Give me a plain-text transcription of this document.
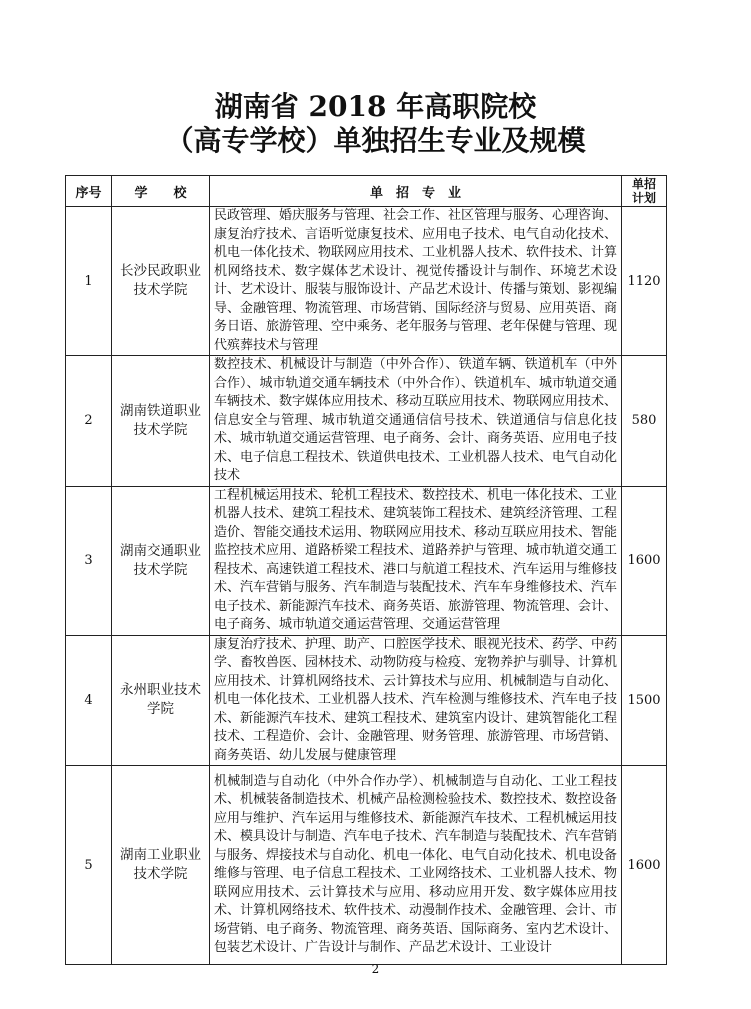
湖南省 2018 年高职院校
（高专学校）单独招生专业及规模
序号	学　　校	单　招　专　业	单招
计划

1	长沙民政职业技术学院	民政管理、婚庆服务与管理、社会工作、社区管理与服务、心理咨询、康复治疗技术、言语听觉康复技术、应用电子技术、电气自动化技术、机电一体化技术、物联网应用技术、工业机器人技术、软件技术、计算机网络技术、数字媒体艺术设计、视觉传播设计与制作、环境艺术设计、艺术设计、服装与服饰设计、产品艺术设计、传播与策划、影视编导、金融管理、物流管理、市场营销、国际经济与贸易、应用英语、商务日语、旅游管理、空中乘务、老年服务与管理、老年保健与管理、现代殡葬技术与管理	1120
2	湖南铁道职业技术学院	数控技术、机械设计与制造（中外合作）、铁道车辆、铁道机车（中外合作）、城市轨道交通车辆技术（中外合作）、铁道机车、城市轨道交通车辆技术、数字媒体应用技术、移动互联应用技术、物联网应用技术、信息安全与管理、城市轨道交通通信信号技术、铁道通信与信息化技术、城市轨道交通运营管理、电子商务、会计、商务英语、应用电子技术、电子信息工程技术、铁道供电技术、工业机器人技术、电气自动化技术	580
3	湖南交通职业技术学院	工程机械运用技术、轮机工程技术、数控技术、机电一体化技术、工业机器人技术、建筑工程技术、建筑装饰工程技术、建筑经济管理、工程造价、智能交通技术运用、物联网应用技术、移动互联应用技术、智能监控技术应用、道路桥梁工程技术、道路养护与管理、城市轨道交通工程技术、高速铁道工程技术、港口与航道工程技术、汽车运用与维修技术、汽车营销与服务、汽车制造与装配技术、汽车车身维修技术、汽车电子技术、新能源汽车技术、商务英语、旅游管理、物流管理、会计、电子商务、城市轨道交通运营管理、交通运营管理	1600
4	永州职业技术学院	康复治疗技术、护理、助产、口腔医学技术、眼视光技术、药学、中药学、畜牧兽医、园林技术、动物防疫与检疫、宠物养护与驯导、计算机应用技术、计算机网络技术、云计算技术与应用、机械制造与自动化、机电一体化技术、工业机器人技术、汽车检测与维修技术、汽车电子技术、新能源汽车技术、建筑工程技术、建筑室内设计、建筑智能化工程技术、工程造价、会计、金融管理、财务管理、旅游管理、市场营销、商务英语、幼儿发展与健康管理	1500
5	湖南工业职业技术学院	机械制造与自动化（中外合作办学）、机械制造与自动化、工业工程技术、机械装备制造技术、机械产品检测检验技术、数控技术、数控设备应用与维护、汽车运用与维修技术、新能源汽车技术、工程机械运用技术、模具设计与制造、汽车电子技术、汽车制造与装配技术、汽车营销与服务、焊接技术与自动化、机电一体化、电气自动化技术、机电设备维修与管理、电子信息工程技术、工业网络技术、工业机器人技术、物联网应用技术、云计算技术与应用、移动应用开发、数字媒体应用技术、计算机网络技术、软件技术、动漫制作技术、金融管理、会计、市场营销、电子商务、物流管理、商务英语、国际商务、室内艺术设计、包装艺术设计、广告设计与制作、产品艺术设计、工业设计	1600
2
